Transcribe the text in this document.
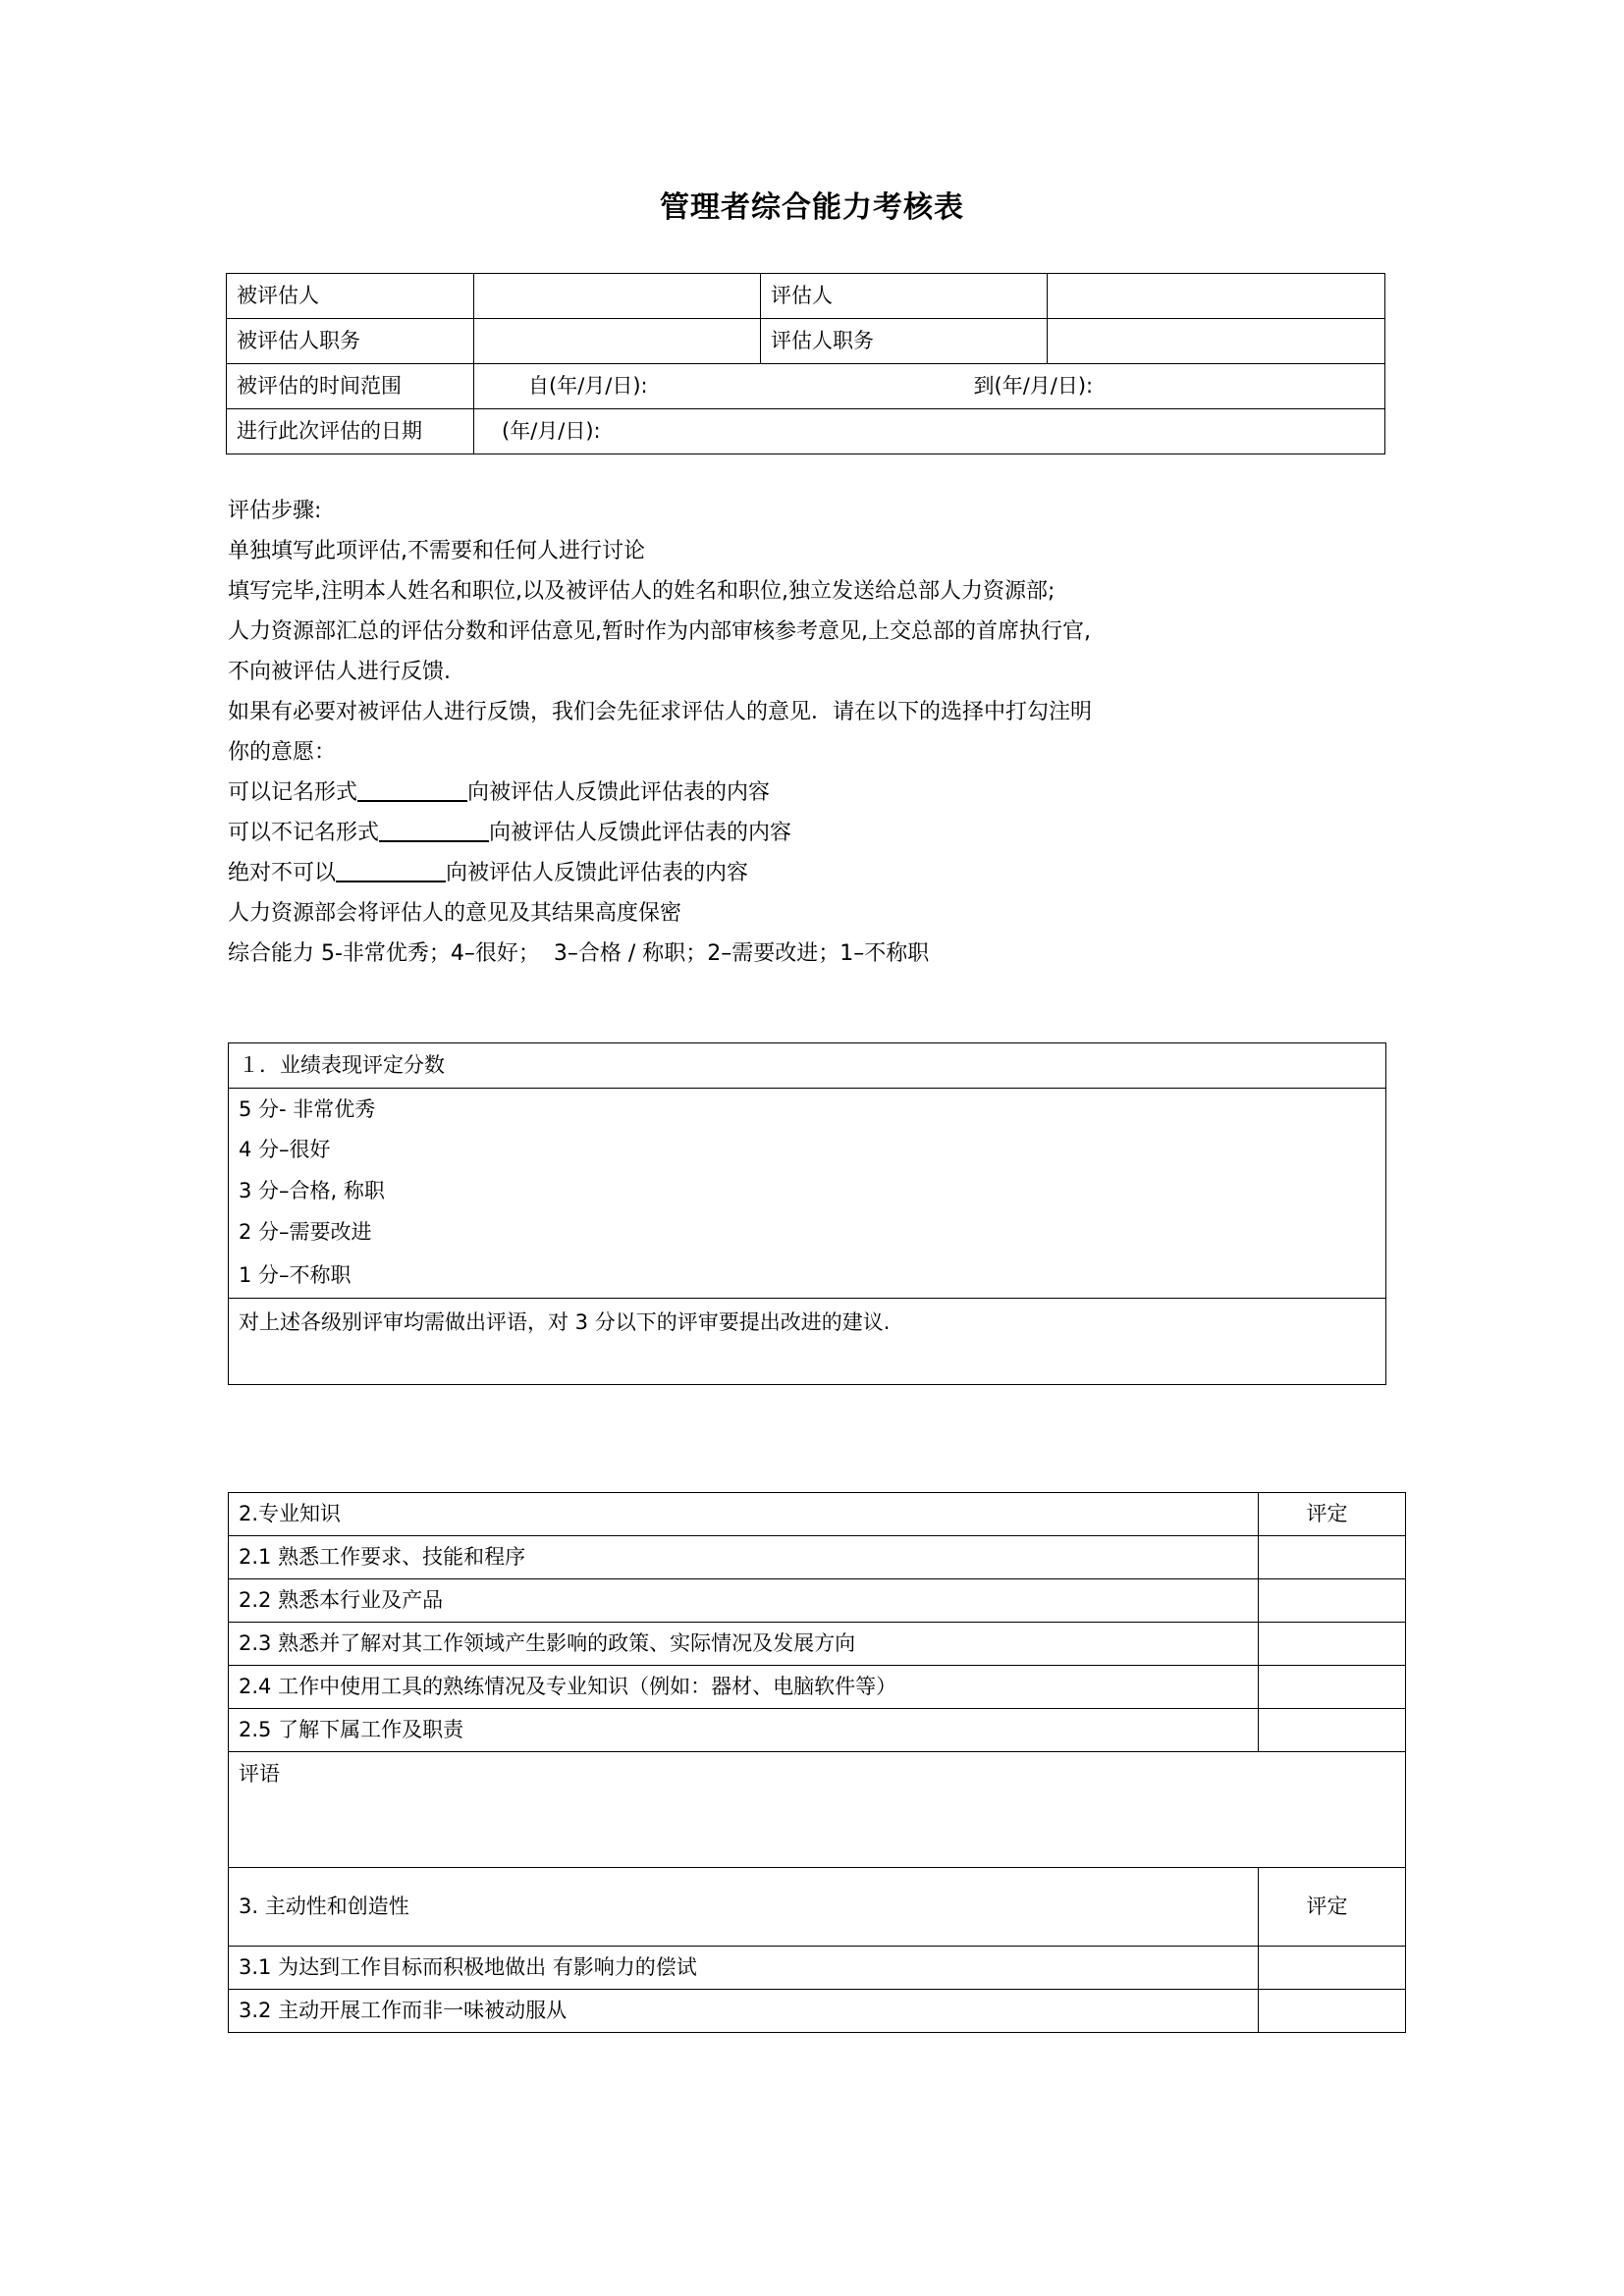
管理者综合能力考核表
被评估人		评估人	
被评估人职务		评估人职务	
被评估的时间范围	自(年/月/日): 到(年/月/日):		

进行此次评估的日期	(年/月/日):		

评估步骤:

单独填写此项评估,不需要和任何人进行讨论

填写完毕,注明本人姓名和职位,以及被评估人的姓名和职位,独立发送给总部人力资源部;

人力资源部汇总的评估分数和评估意见,暂时作为内部审核参考意见,上交总部的首席执行官,

不向被评估人进行反馈.

如果有必要对被评估人进行反馈，我们会先征求评估人的意见．请在以下的选择中打勾注明

你的意愿：

可以记名形式	向被评估人反馈此评估表的内容

可以不记名形式	向被评估人反馈此评估表的内容

绝对不可以	向被评估人反馈此评估表的内容

人力资源部会将评估人的意见及其结果高度保密

综合能力 5-非常优秀；4–很好；  3–合格 / 称职；2–需要改进；1–不称职

１．业绩表现评定分数
5 分- 非常优秀
4 分–很好
3 分–合格, 称职
2 分–需要改进
1 分–不称职
对上述各级别评审均需做出评语，对 3 分以下的评审要提出改进的建议.
2.专业知识	评定
2.1 熟悉工作要求、技能和程序	
2.2 熟悉本行业及产品	
2.3 熟悉并了解对其工作领域产生影响的政策、实际情况及发展方向	
2.4 工作中使用工具的熟练情况及专业知识（例如：器材、电脑软件等）	
2.5 了解下属工作及职责	
评语	

3. 主动性和创造性	评定
3.1 为达到工作目标而积极地做出 有影响力的偿试	
3.2 主动开展工作而非一味被动服从	
